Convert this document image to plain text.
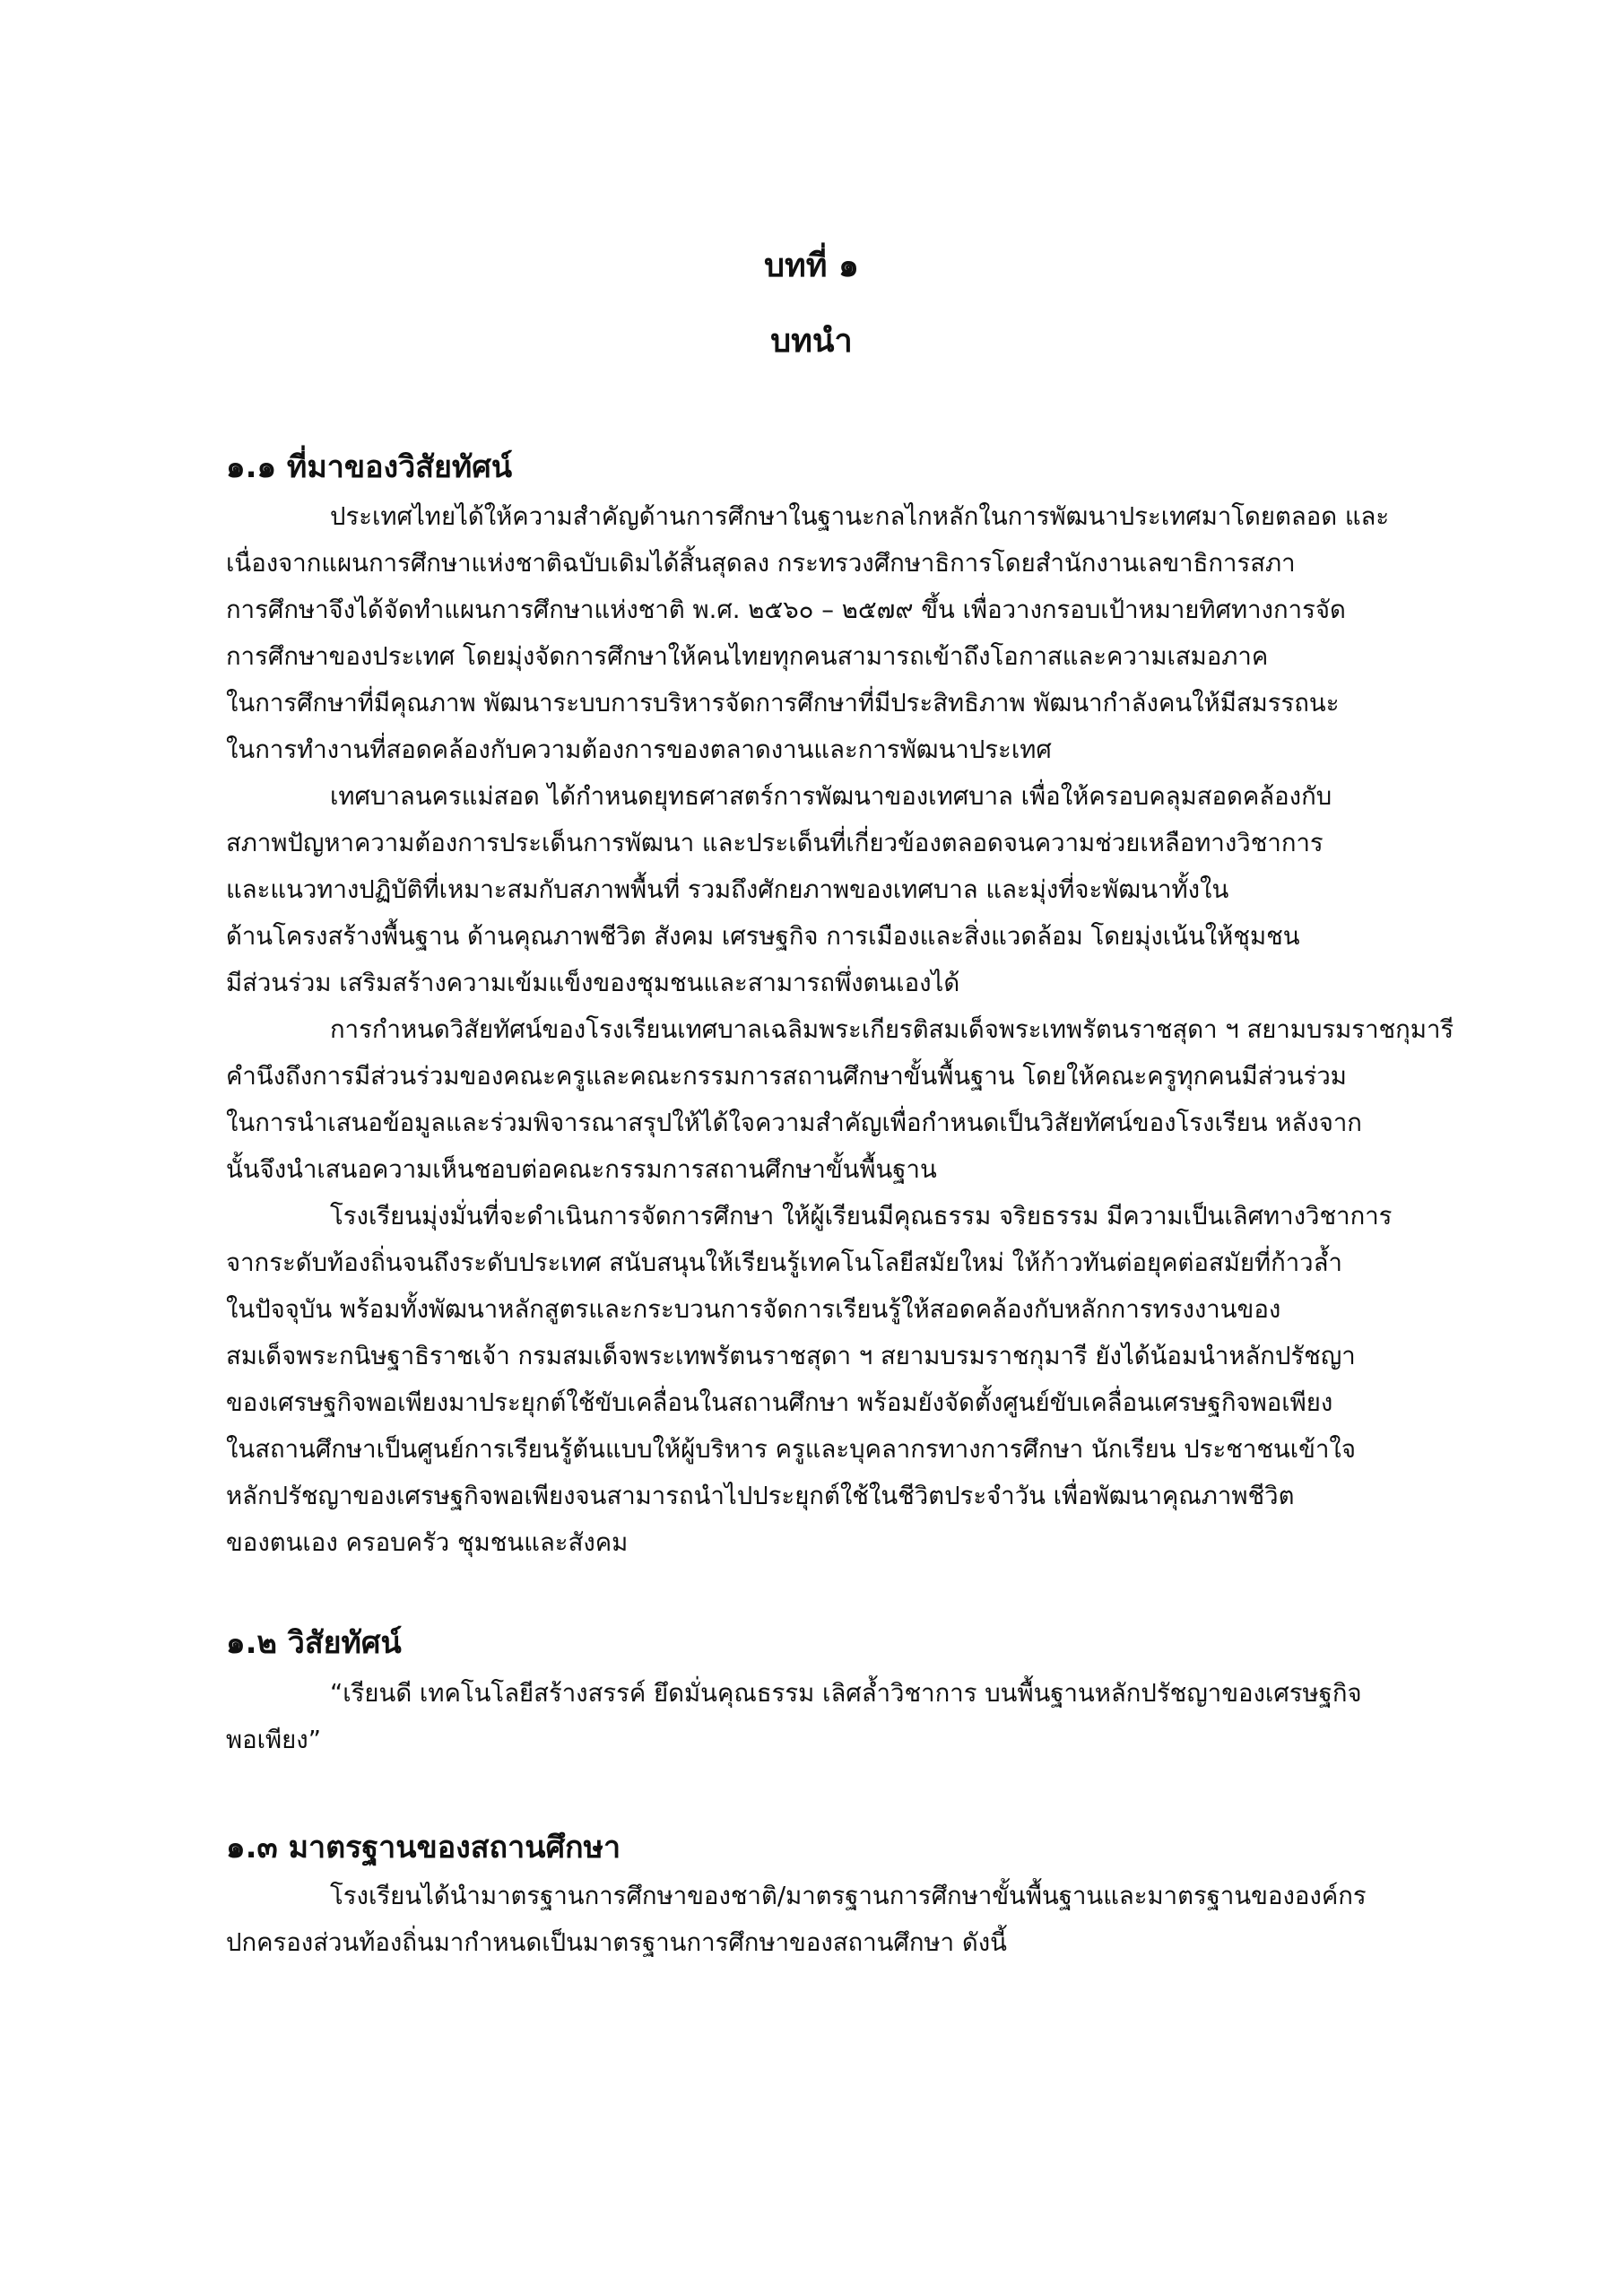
บทที่ ๑
บทนำ
๑.๑ ที่มาของวิสัยทัศน์
ประเทศไทยได้ให้ความสำคัญด้านการศึกษาในฐานะกลไกหลักในการพัฒนาประเทศมาโดยตลอด และ
เนื่องจากแผนการศึกษาแห่งชาติฉบับเดิมได้สิ้นสุดลง กระทรวงศึกษาธิการโดยสำนักงานเลขาธิการสภา
การศึกษาจึงได้จัดทำแผนการศึกษาแห่งชาติ พ.ศ. ๒๕๖๐ – ๒๕๗๙ ขึ้น เพื่อวางกรอบเป้าหมายทิศทางการจัด
การศึกษาของประเทศ โดยมุ่งจัดการศึกษาให้คนไทยทุกคนสามารถเข้าถึงโอกาสและความเสมอภาค
ในการศึกษาที่มีคุณภาพ พัฒนาระบบการบริหารจัดการศึกษาที่มีประสิทธิภาพ พัฒนากำลังคนให้มีสมรรถนะ
ในการทำงานที่สอดคล้องกับความต้องการของตลาดงานและการพัฒนาประเทศ
เทศบาลนครแม่สอด ได้กำหนดยุทธศาสตร์การพัฒนาของเทศบาล เพื่อให้ครอบคลุมสอดคล้องกับ
สภาพปัญหาความต้องการประเด็นการพัฒนา และประเด็นที่เกี่ยวข้องตลอดจนความช่วยเหลือทางวิชาการ
และแนวทางปฏิบัติที่เหมาะสมกับสภาพพื้นที่ รวมถึงศักยภาพของเทศบาล และมุ่งที่จะพัฒนาทั้งใน
ด้านโครงสร้างพื้นฐาน ด้านคุณภาพชีวิต สังคม เศรษฐกิจ การเมืองและสิ่งแวดล้อม โดยมุ่งเน้นให้ชุมชน
มีส่วนร่วม เสริมสร้างความเข้มแข็งของชุมชนและสามารถพึ่งตนเองได้
การกำหนดวิสัยทัศน์ของโรงเรียนเทศบาลเฉลิมพระเกียรติสมเด็จพระเทพรัตนราชสุดา ฯ สยามบรมราชกุมารี
คำนึงถึงการมีส่วนร่วมของคณะครูและคณะกรรมการสถานศึกษาขั้นพื้นฐาน โดยให้คณะครูทุกคนมีส่วนร่วม
ในการนำเสนอข้อมูลและร่วมพิจารณาสรุปให้ได้ใจความสำคัญเพื่อกำหนดเป็นวิสัยทัศน์ของโรงเรียน หลังจาก
นั้นจึงนำเสนอความเห็นชอบต่อคณะกรรมการสถานศึกษาขั้นพื้นฐาน
โรงเรียนมุ่งมั่นที่จะดำเนินการจัดการศึกษา ให้ผู้เรียนมีคุณธรรม จริยธรรม มีความเป็นเลิศทางวิชาการ
จากระดับท้องถิ่นจนถึงระดับประเทศ สนับสนุนให้เรียนรู้เทคโนโลยีสมัยใหม่ ให้ก้าวทันต่อยุคต่อสมัยที่ก้าวล้ำ
ในปัจจุบัน พร้อมทั้งพัฒนาหลักสูตรและกระบวนการจัดการเรียนรู้ให้สอดคล้องกับหลักการทรงงานของ
สมเด็จพระกนิษฐาธิราชเจ้า กรมสมเด็จพระเทพรัตนราชสุดา ฯ สยามบรมราชกุมารี ยังได้น้อมนำหลักปรัชญา
ของเศรษฐกิจพอเพียงมาประยุกต์ใช้ขับเคลื่อนในสถานศึกษา พร้อมยังจัดตั้งศูนย์ขับเคลื่อนเศรษฐกิจพอเพียง
ในสถานศึกษาเป็นศูนย์การเรียนรู้ต้นแบบให้ผู้บริหาร ครูและบุคลากรทางการศึกษา นักเรียน ประชาชนเข้าใจ
หลักปรัชญาของเศรษฐกิจพอเพียงจนสามารถนำไปประยุกต์ใช้ในชีวิตประจำวัน เพื่อพัฒนาคุณภาพชีวิต
ของตนเอง ครอบครัว ชุมชนและสังคม
๑.๒ วิสัยทัศน์
“เรียนดี เทคโนโลยีสร้างสรรค์ ยึดมั่นคุณธรรม เลิศล้ำวิชาการ บนพื้นฐานหลักปรัชญาของเศรษฐกิจ
พอเพียง”
๑.๓ มาตรฐานของสถานศึกษา
โรงเรียนได้นำมาตรฐานการศึกษาของชาติ/มาตรฐานการศึกษาขั้นพื้นฐานและมาตรฐานขององค์กร
ปกครองส่วนท้องถิ่นมากำหนดเป็นมาตรฐานการศึกษาของสถานศึกษา ดังนี้
